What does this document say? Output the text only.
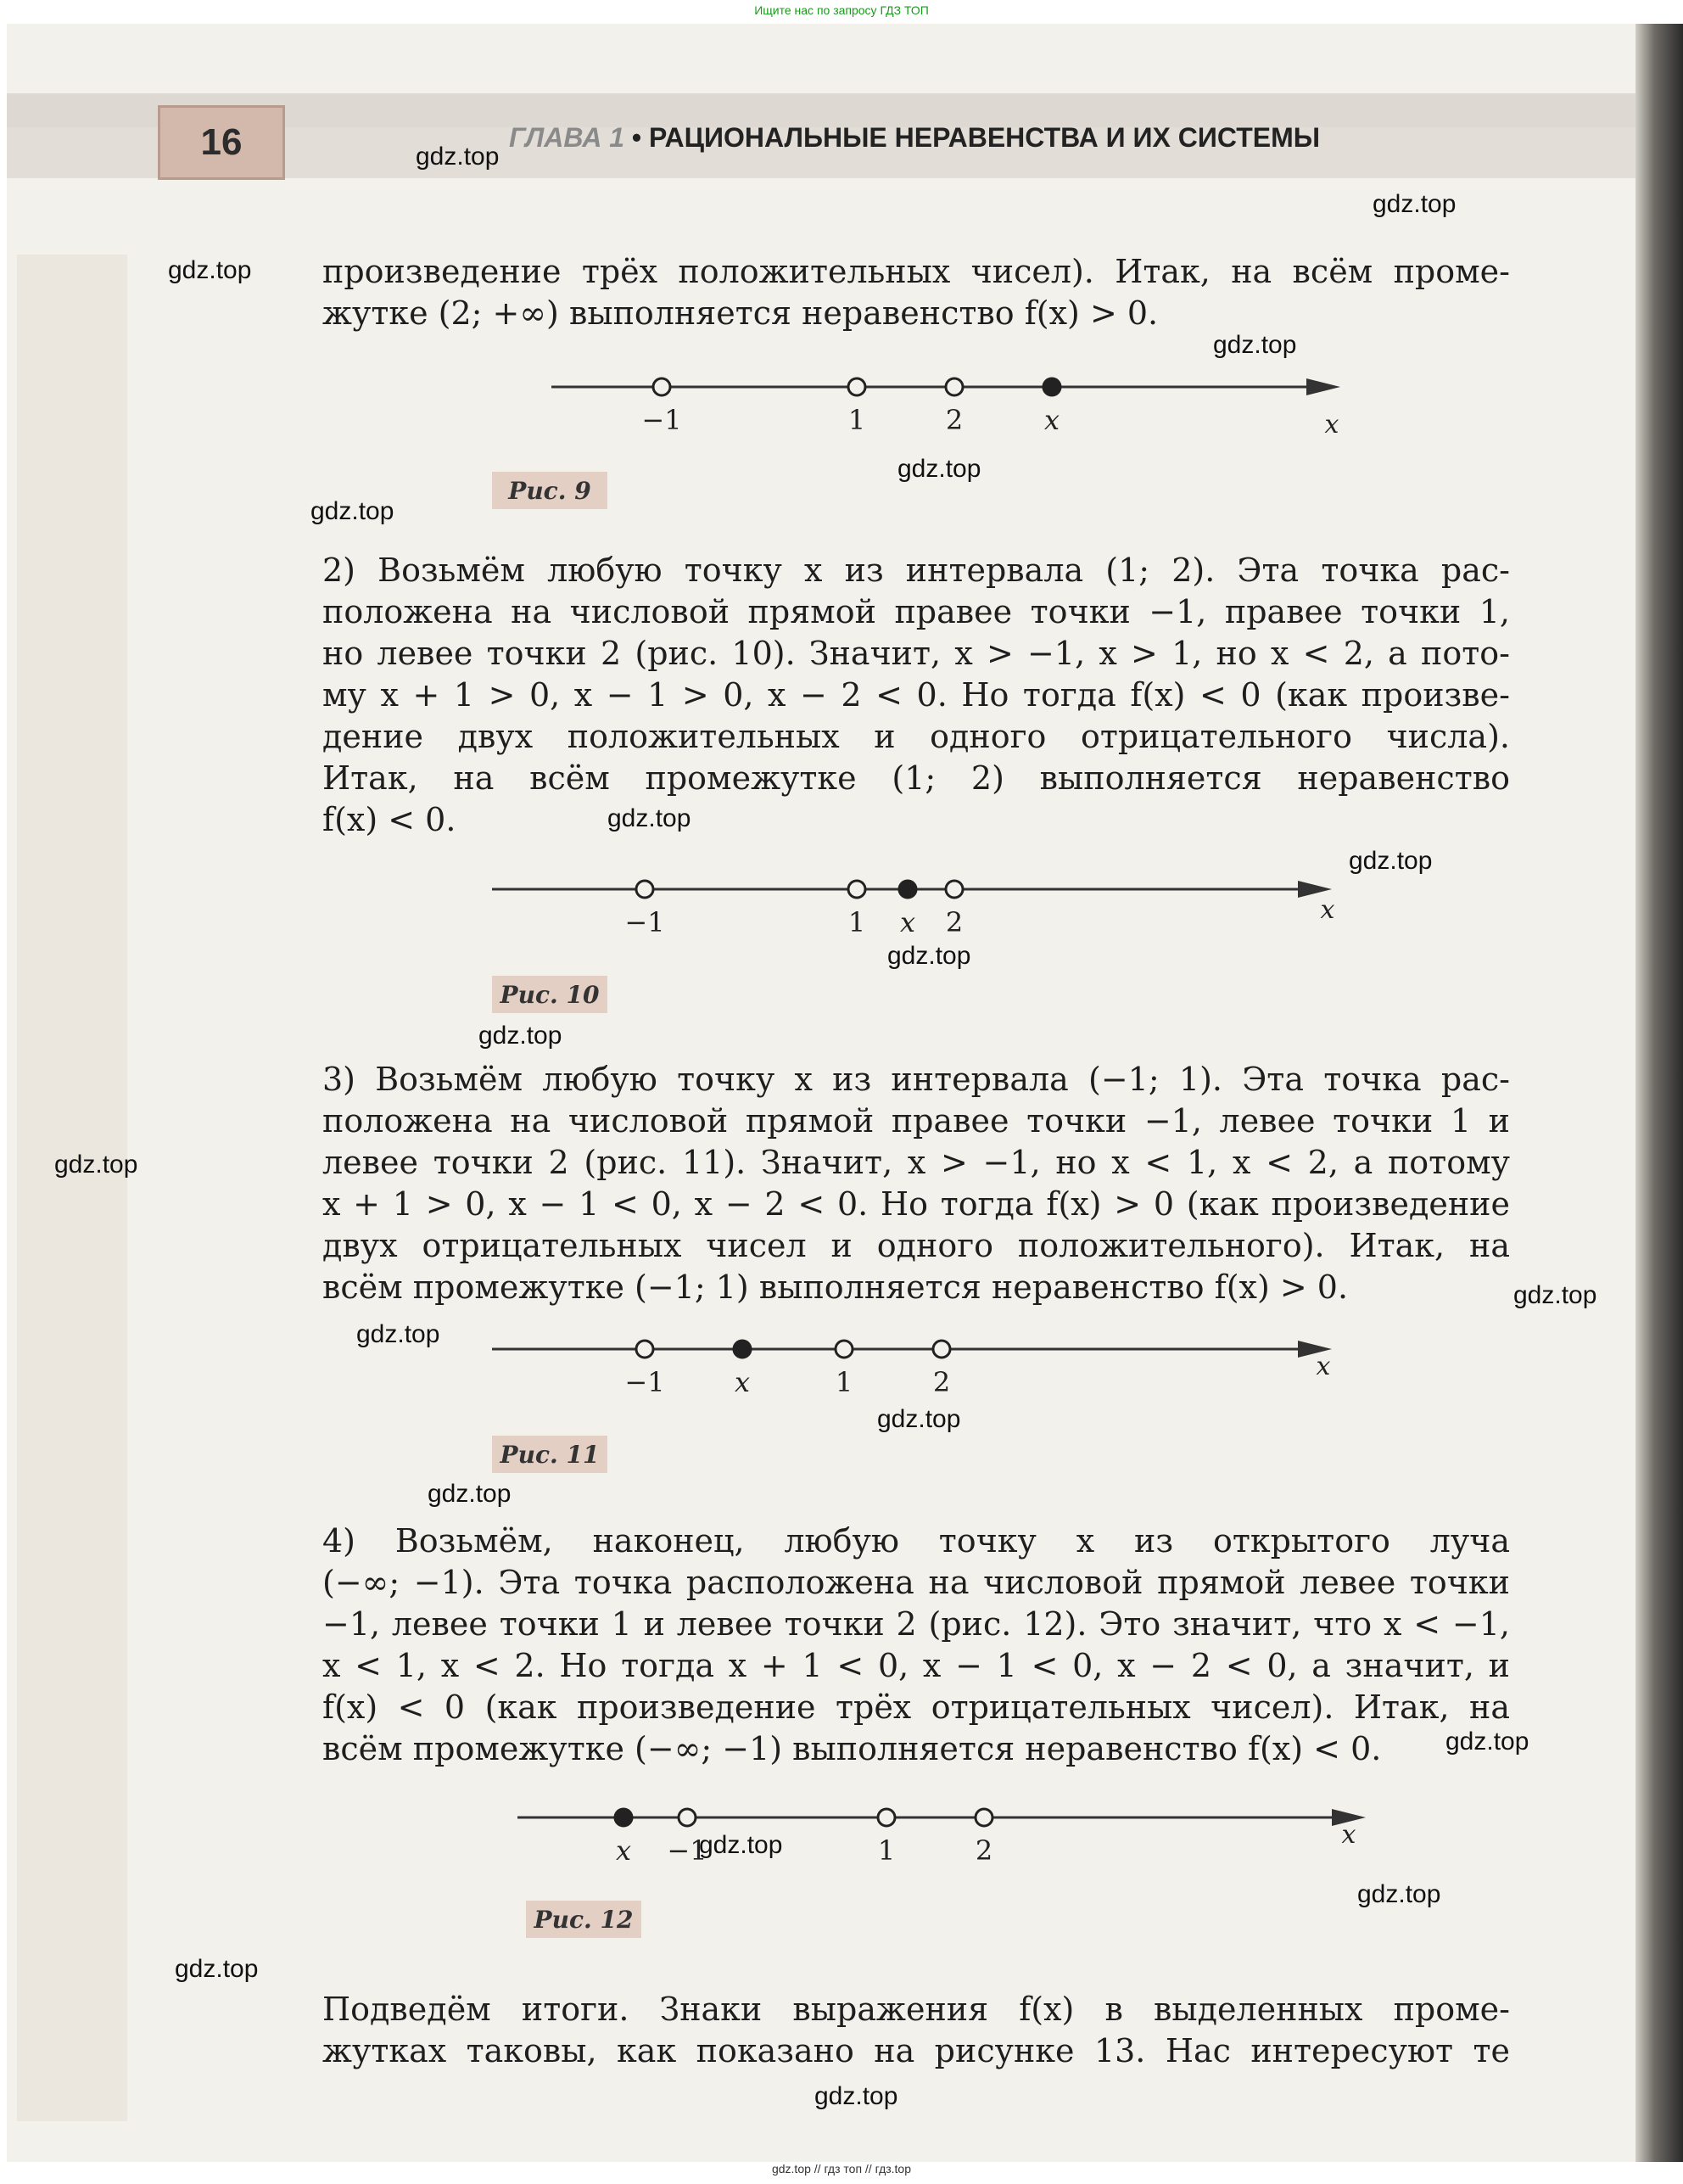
Ищите нас по запросу ГДЗ ТОП
16	ГЛАВА 1 • РАЦИОНАЛЬНЫЕ НЕРАВЕНСТВА И ИХ СИСТЕМЫ
произведение трёх положительных чисел). Итак, на всём проме-
жутке (2; +∞) выполняется неравенство f(x) > 0.
x
−1	1	2	x
Рис. 9
2) Возьмём любую точку x из интервала (1; 2). Эта точка рас-
положена на числовой прямой правее точки −1, правее точки 1,
но левее точки 2 (рис. 10). Значит, x > −1, x > 1, но x < 2, а пото-
му x + 1 > 0, x − 1 > 0, x − 2 < 0. Но тогда f(x) < 0 (как произве-
дение двух положительных и одного отрицательного числа).
Итак, на всём промежутке (1; 2) выполняется неравенство
f(x) < 0.
x
−1	1 x 2
Рис. 10
3) Возьмём любую точку x из интервала (−1; 1). Эта точка рас-
положена на числовой прямой правее точки −1, левее точки 1 и
левее точки 2 (рис. 11). Значит, x > −1, но x < 1, x < 2, а потому
x + 1 > 0, x − 1 < 0, x − 2 < 0. Но тогда f(x) > 0 (как произведение
двух отрицательных чисел и одного положительного). Итак, на
всём промежутке (−1; 1) выполняется неравенство f(x) > 0.
x
−1	x	1	2
Рис. 11
4) Возьмём, наконец, любую точку x из открытого луча
(−∞; −1). Эта точка расположена на числовой прямой левее точки
−1, левее точки 1 и левее точки 2 (рис. 12). Это значит, что x < −1,
x < 1, x < 2. Но тогда x + 1 < 0, x − 1 < 0, x − 2 < 0, а значит, и
f(x) < 0 (как произведение трёх отрицательных чисел). Итак, на
всём промежутке (−∞; −1) выполняется неравенство f(x) < 0.
x
x −1	1	2
Рис. 12
Подведём итоги. Знаки выражения f(x) в выделенных проме-
жутках таковы, как показано на рисунке 13. Нас интересуют те
gdz.top
gdz.top
gdz.top
gdz.top
gdz.top
gdz.top
gdz.top
gdz.top
gdz.top
gdz.top
gdz.top
gdz.top
gdz.top
gdz.top
gdz.top
gdz.top
gdz.top
gdz.top
gdz.top
gdz.top
gdz.top // гдз топ // гдз.top
